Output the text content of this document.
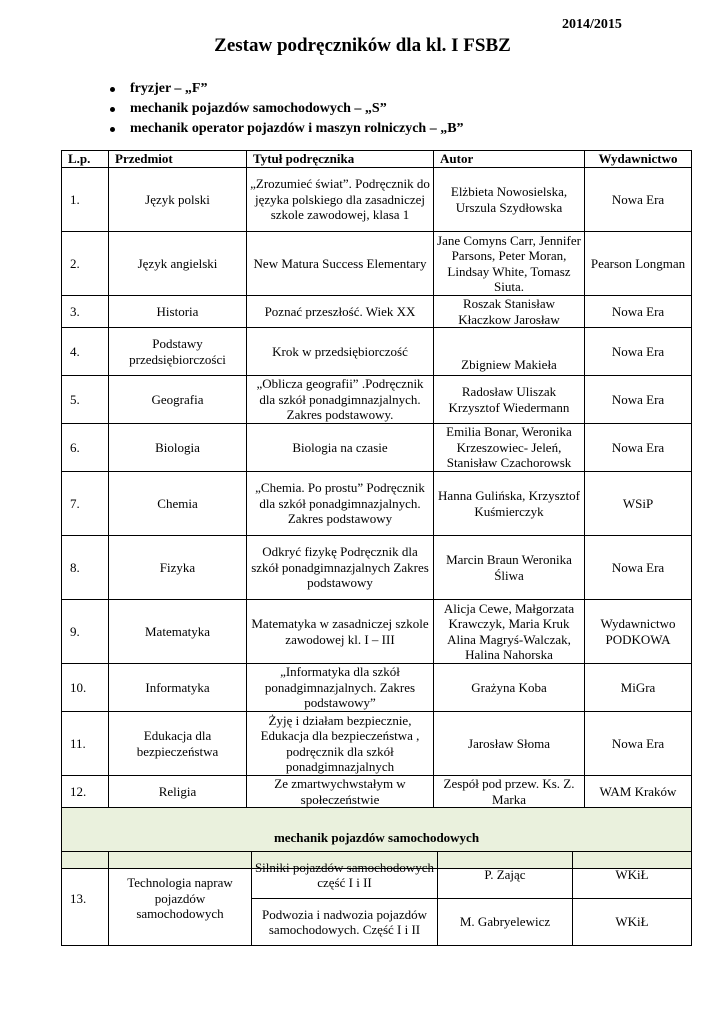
2014/2015
Zestaw podręczników dla kl. I FSBZ
fryzjer – „F”
mechanik pojazdów samochodowych – „S”
mechanik operator pojazdów i maszyn rolniczych – „B”
L.p.	Przedmiot	Tytuł podręcznika	Autor	Wydawnictwo
1.	Język polski	„Zrozumieć świat”. Podręcznik do języka polskiego dla zasadniczej szkole zawodowej, klasa 1	Elżbieta Nowosielska, Urszula Szydłowska	Nowa Era
2.	Język angielski	New Matura Success Elementary	Jane Comyns Carr, Jennifer Parsons, Peter Moran, Lindsay White, Tomasz Siuta.	Pearson Longman
3.	Historia	Poznać przeszłość. Wiek XX	Roszak Stanisław Kłaczkow Jarosław	Nowa Era
4.	Podstawy przedsiębiorczości	Krok w przedsiębiorczość	Zbigniew Makieła	Nowa Era
5.	Geografia	„Oblicza geografii” .Podręcznik dla szkół ponadgimnazjalnych. Zakres podstawowy.	Radosław Uliszak Krzysztof Wiedermann	Nowa Era
6.	Biologia	Biologia na czasie	Emilia Bonar, Weronika Krzeszowiec- Jeleń, Stanisław Czachorowsk	Nowa Era
7.	Chemia	„Chemia. Po prostu” Podręcznik dla szkół ponadgimnazjalnych. Zakres podstawowy	Hanna Gulińska, Krzysztof Kuśmierczyk	WSiP
8.	Fizyka	Odkryć fizykę Podręcznik dla szkół ponadgimnazjalnych Zakres podstawowy	Marcin Braun Weronika Śliwa	Nowa Era
9.	Matematyka	Matematyka w zasadniczej szkole zawodowej kl. I – III	Alicja Cewe, Małgorzata Krawczyk, Maria Kruk Alina Magryś-Walczak, Halina Nahorska	Wydawnictwo PODKOWA
10.	Informatyka	„Informatyka dla szkół ponadgimnazjalnych. Zakres podstawowy”	Grażyna Koba	MiGra
11.	Edukacja dla bezpieczeństwa	Żyję i działam bezpiecznie, Edukacja dla bezpieczeństwa , podręcznik dla szkół ponadgimnazjalnych	Jarosław Słoma	Nowa Era
12.	Religia	Ze zmartwychwstałym w społeczeństwie	Zespół pod przew. Ks. Z. Marka	WAM Kraków
mechanik pojazdów samochodowych				
13.	Technologia napraw pojazdów samochodowych	Silniki pojazdów samochodowych część I i II	P. Zając	WKiŁ
		Podwozia i nadwozia pojazdów samochodowych. Część I i II	M. Gabryelewicz	WKiŁ
